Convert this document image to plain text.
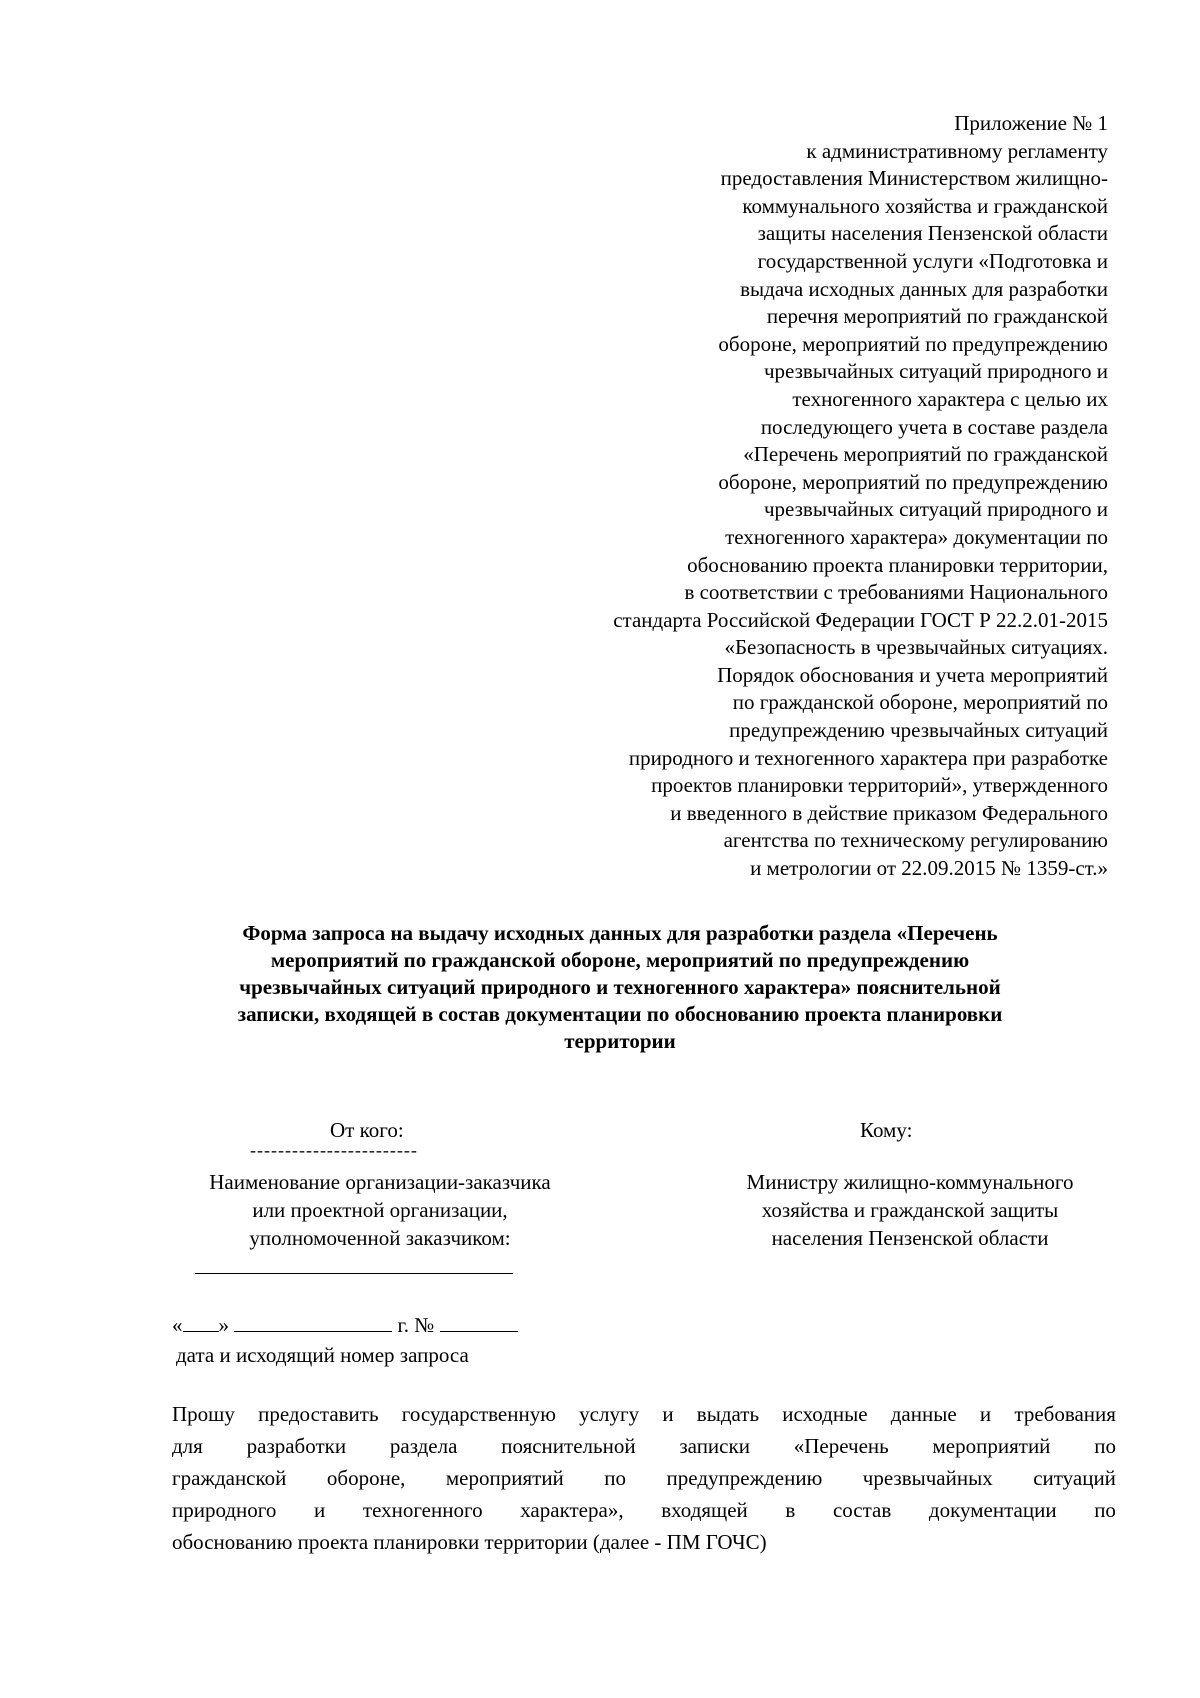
Приложение № 1
к административному регламенту
предоставления Министерством жилищно-
коммунального хозяйства и гражданской
защиты населения Пензенской области
государственной услуги «Подготовка и
выдача исходных данных для разработки
перечня мероприятий по гражданской
обороне, мероприятий по предупреждению
чрезвычайных ситуаций природного и
техногенного характера с целью их
последующего учета в составе раздела
«Перечень мероприятий по гражданской
обороне, мероприятий по предупреждению
чрезвычайных ситуаций природного и
техногенного характера» документации по
обоснованию проекта планировки территории,
в соответствии с требованиями Национального
стандарта Российской Федерации ГОСТ Р 22.2.01-2015
«Безопасность в чрезвычайных ситуациях.
Порядок обоснования и учета мероприятий
по гражданской обороне, мероприятий по
предупреждению чрезвычайных ситуаций
природного и техногенного характера при разработке
проектов планировки территорий», утвержденного
и введенного в действие приказом Федерального
агентства по техническому регулированию
и метрологии от 22.09.2015 № 1359-ст.»
Форма запроса на выдачу исходных данных для разработки раздела «Перечень
мероприятий по гражданской обороне, мероприятий по предупреждению
чрезвычайных ситуаций природного и техногенного характера» пояснительной
записки, входящей в состав документации по обоснованию проекта планировки
территории
От кого:	Кому:
------------------------
Наименование организации-заказчика
или проектной организации,
уполномоченной заказчиком:
Министру жилищно-коммунального
хозяйства и гражданской защиты
населения Пензенской области
« »	г. №
дата и исходящий номер запроса
Прошу предоставить государственную услугу и выдать исходные данные и требования
для разработки раздела пояснительной записки «Перечень мероприятий по
гражданской обороне, мероприятий по предупреждению чрезвычайных ситуаций
природного и техногенного характера», входящей в состав документации по
обоснованию проекта планировки территории (далее - ПМ ГОЧС)
